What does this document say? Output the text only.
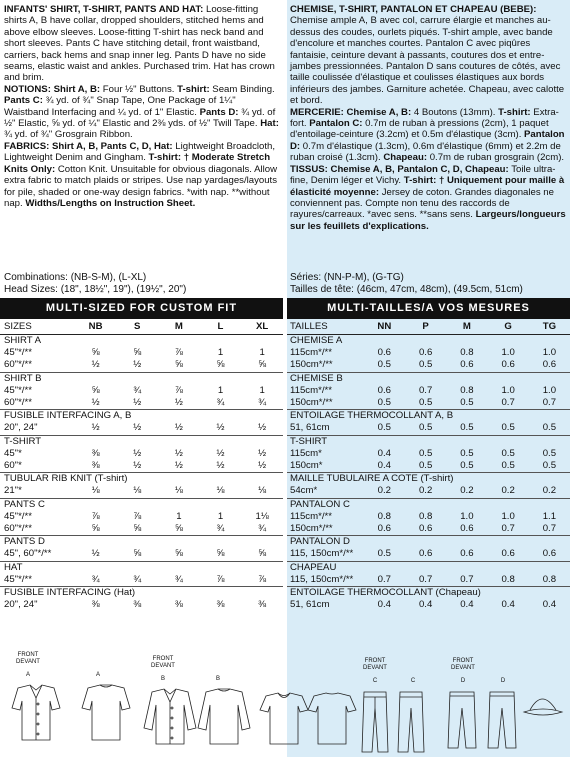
INFANTS' SHIRT, T-SHIRT, PANTS AND HAT: Loose-fitting shirts A, B have collar, dropped shoulders, stitched hems and above elbow sleeves. Loose-fitting T-shirt has neck band and short sleeves. Pants C have stitching detail, front waistband, carriers, back hems and snap inner leg. Pants D have no side seams, elastic waist and ankles. Purchased trim. Hat has crown and brim.

NOTIONS: Shirt A, B: Four ½" Buttons. T-shirt: Seam Binding. Pants C: ¾ yd. of ¾" Snap Tape, One Package of 1¼" Waistband Interfacing and ¼ yd. of 1" Elastic. Pants D: ¾ yd. of ½" Elastic, ⅝ yd. of ¼" Elastic and 2⅜ yds. of ½" Twill Tape. Hat: ¾ yd. of ¾" Grosgrain Ribbon.

FABRICS: Shirt A, B, Pants C, D, Hat: Lightweight Broadcloth, Lightweight Denim and Gingham. T-shirt: † Moderate Stretch Knits Only: Cotton Knit. Unsuitable for obvious diagonals. Allow extra fabric to match plaids or stripes. Use nap yardages/layouts for pile, shaded or one-way design fabrics. *with nap. **without nap. Widths/Lengths on Instruction Sheet.

Combinations: (NB-S-M), (L-XL)
Head Sizes: (18", 18½", 19"), (19½", 20")
MULTI-SIZED FOR CUSTOM FIT
SIZES	NB	S	M	L	XL
SHIRT A					
45"*/**	⅝	⅝	⅞	1	1
60"*/**	½	½	⅝	⅝	⅝
SHIRT B					
45"*/**	⅝	¾	⅞	1	1
60"*/**	½	½	½	¾	¾
FUSIBLE INTERFACING A, B					
20", 24"	½	½	½	½	½
T-SHIRT					
45"*	⅜	½	½	½	½
60"*	⅜	½	½	½	½
TUBULAR RIB KNIT (T-shirt)					
21"*	⅛	⅛	⅛	⅛	⅛
PANTS C					
45"*/**	⅞	⅞	1	1	1⅛
60"*/**	⅝	⅝	⅝	¾	¾
PANTS D					
45", 60"*/**	½	⅝	⅝	⅝	⅝
HAT					
45"*/**	¾	¾	¾	⅞	⅞
FUSIBLE INTERFACING (Hat)					
20", 24"	⅜	⅜	⅜	⅜	⅜

CHEMISE, T-SHIRT, PANTALON ET CHAPEAU (BEBE): Chemise ample A, B avec col, carrure élargie et manches au-dessus des coudes, ourlets piqués. T-shirt ample, avec bande d'encolure et manches courtes. Pantalon C avec piqûres fantaisie, ceinture devant à passants, coutures dos et entre-jambes pressionnées. Pantalon D sans coutures de côtés, avec taille coulissée d'élastique et coulisses élastiques aux bords inférieurs des jambes. Garniture achetée. Chapeau, avec calotte et bord.

MERCERIE: Chemise A, B: 4 Boutons (13mm). T-shirt: Extra-fort. Pantalon C: 0.7m de ruban à pressions (2cm), 1 paquet d'entoilage-ceinture (3.2cm) et 0.5m d'élastique (3cm). Pantalon D: 0.7m d'élastique (1.3cm), 0.6m d'élastique (6mm) et 2.2m de ruban croisé (1.3cm). Chapeau: 0.7m de ruban grosgrain (2cm).

TISSUS: Chemise A, B, Pantalon C, D, Chapeau: Toile ultra-fine, Denim léger et Vichy. T-shirt: † Uniquement pour maille à élasticité moyenne: Jersey de coton. Grandes diagonales ne conviennent pas. Compte non tenu des raccords de rayures/carreaux. *avec sens. **sans sens. Largeurs/longueurs sur les feuillets d'explications.

Séries: (NN-P-M), (G-TG)
Tailles de tête: (46cm, 47cm, 48cm), (49.5cm, 51cm)
MULTI-TAILLES/A VOS MESURES
TAILLES	NN	P	M	G	TG
CHEMISE A					
115cm*/**	0.6	0.6	0.8	1.0	1.0
150cm*/**	0.5	0.5	0.6	0.6	0.6
CHEMISE B					
115cm*/**	0.6	0.7	0.8	1.0	1.0
150cm*/**	0.5	0.5	0.5	0.7	0.7
ENTOILAGE THERMOCOLLANT A, B					
51, 61cm	0.5	0.5	0.5	0.5	0.5
T-SHIRT					
115cm*	0.4	0.5	0.5	0.5	0.5
150cm*	0.4	0.5	0.5	0.5	0.5
MAILLE TUBULAIRE A COTE (T-shirt)					
54cm*	0.2	0.2	0.2	0.2	0.2
PANTALON C					
115cm*/**	0.8	0.8	1.0	1.0	1.1
150cm*/**	0.6	0.6	0.6	0.7	0.7
PANTALON D					
115, 150cm*/**	0.5	0.6	0.6	0.6	0.6
CHAPEAU					
115, 150cm*/**	0.7	0.7	0.7	0.8	0.8
ENTOILAGE THERMOCOLLANT (Chapeau)					
51, 61cm	0.4	0.4	0.4	0.4	0.4
FRONT
DEVANT
A	A
FRONT
DEVANT
B	B
FRONT
DEVANT
C	C
FRONT
DEVANT
D	D
